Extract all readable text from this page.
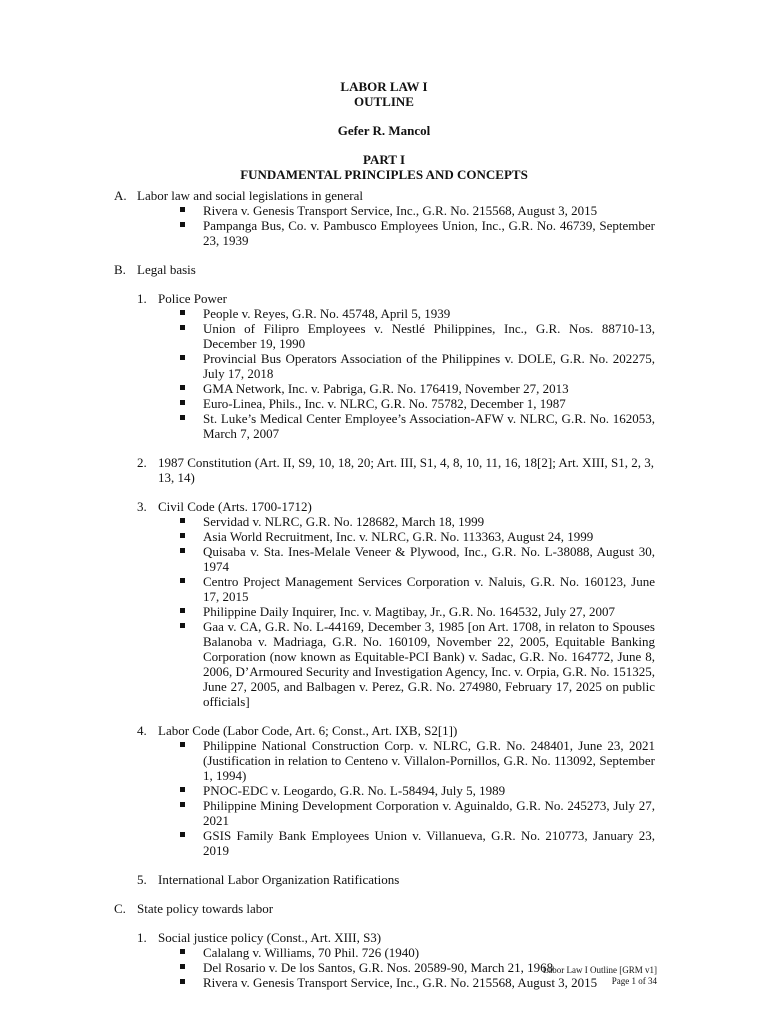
LABOR LAW I
OUTLINE
Gefer R. Mancol
PART I
FUNDAMENTAL PRINCIPLES AND CONCEPTS
A. Labor law and social legislations in general
Rivera v. Genesis Transport Service, Inc., G.R. No. 215568, August 3, 2015
Pampanga Bus, Co. v. Pambusco Employees Union, Inc., G.R. No. 46739, September 23, 1939
B. Legal basis
1. Police Power
People v. Reyes, G.R. No. 45748, April 5, 1939
Union of Filipro Employees v. Nestlé Philippines, Inc., G.R. Nos. 88710-13, December 19, 1990
Provincial Bus Operators Association of the Philippines v. DOLE, G.R. No. 202275, July 17, 2018
GMA Network, Inc. v. Pabriga, G.R. No. 176419, November 27, 2013
Euro-Linea, Phils., Inc. v. NLRC, G.R. No. 75782, December 1, 1987
St. Luke’s Medical Center Employee’s Association-AFW v. NLRC, G.R. No. 162053, March 7, 2007
2. 1987 Constitution (Art. II, S9, 10, 18, 20; Art. III, S1, 4, 8, 10, 11, 16, 18[2]; Art. XIII, S1, 2, 3, 13, 14)
3. Civil Code (Arts. 1700-1712)
Servidad v. NLRC, G.R. No. 128682, March 18, 1999
Asia World Recruitment, Inc. v. NLRC, G.R. No. 113363, August 24, 1999
Quisaba v. Sta. Ines-Melale Veneer & Plywood, Inc., G.R. No. L-38088, August 30, 1974
Centro Project Management Services Corporation v. Naluis, G.R. No. 160123, June 17, 2015
Philippine Daily Inquirer, Inc. v. Magtibay, Jr., G.R. No. 164532, July 27, 2007
Gaa v. CA, G.R. No. L-44169, December 3, 1985 [on Art. 1708, in relaton to Spouses Balanoba v. Madriaga, G.R. No. 160109, November 22, 2005, Equitable Banking Corporation (now known as Equitable-PCI Bank) v. Sadac, G.R. No. 164772, June 8, 2006, D’Armoured Security and Investigation Agency, Inc. v. Orpia, G.R. No. 151325, June 27, 2005, and Balbagen v. Perez, G.R. No. 274980, February 17, 2025 on public officials]
4. Labor Code (Labor Code, Art. 6; Const., Art. IXB, S2[1])
Philippine National Construction Corp. v. NLRC, G.R. No. 248401, June 23, 2021 (Justification in relation to Centeno v. Villalon-Pornillos, G.R. No. 113092, September 1, 1994)
PNOC-EDC v. Leogardo, G.R. No. L-58494, July 5, 1989
Philippine Mining Development Corporation v. Aguinaldo, G.R. No. 245273, July 27, 2021
GSIS Family Bank Employees Union v. Villanueva, G.R. No. 210773, January 23, 2019
5. International Labor Organization Ratifications
C. State policy towards labor
1. Social justice policy (Const., Art. XIII, S3)
Calalang v. Williams, 70 Phil. 726 (1940)
Del Rosario v. De los Santos, G.R. Nos. 20589-90, March 21, 1968
Rivera v. Genesis Transport Service, Inc., G.R. No. 215568, August 3, 2015
Labor Law I Outline [GRM v1]
Page 1 of 34
